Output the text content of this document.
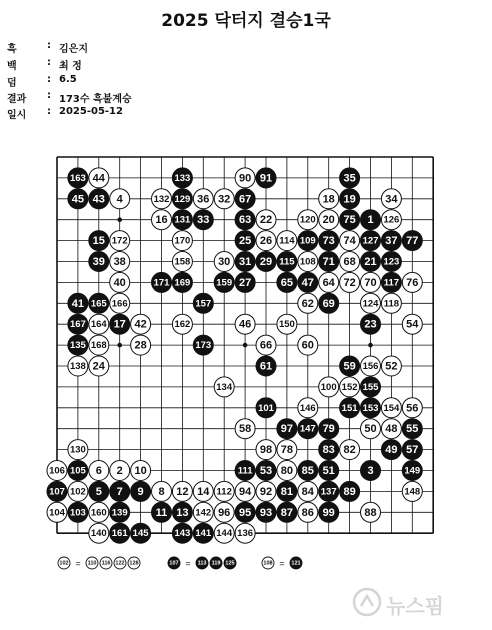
2025 닥터지 결승1국
흑	: 김은지
백	: 최 정
덤	: 6.5
결과	: 173수 흑불계승
일시	: 2025-05-12
163 44	133	90 91	35
45 43 4	132 129 36 32 67	18 19	34
16 131 33	63 22	120 20 75 1 126
15 172	170	25 26 114 109 73 74 127 37 77
39 38	158	30 31 29 115 108 71 68 21 123
40	171 169	159 27	65 47 64 72 70 117 76
41 165 166	157	62 69	124 118
167 164 17 42	162	46	150	23	54
135 168	28	173	66	60
138 24	61	59 156 52
134	100 152 155
101	146	151 153 154 56
58	97 147 79	50 48 55
130	98 78	83 82	49 57
106 105 6 2 10	111 53 80 85 51	3	149
107 102 5 7 9 8 12 14 112 94 92 81 84 137 89	148
104 103 160 139	11 13 142 96 95 93 87 86 99	88
140 161 145	143 141 144 136
102 = 110 116 122 128	107 = 113 119 125	108 = 121
뉴스핌
